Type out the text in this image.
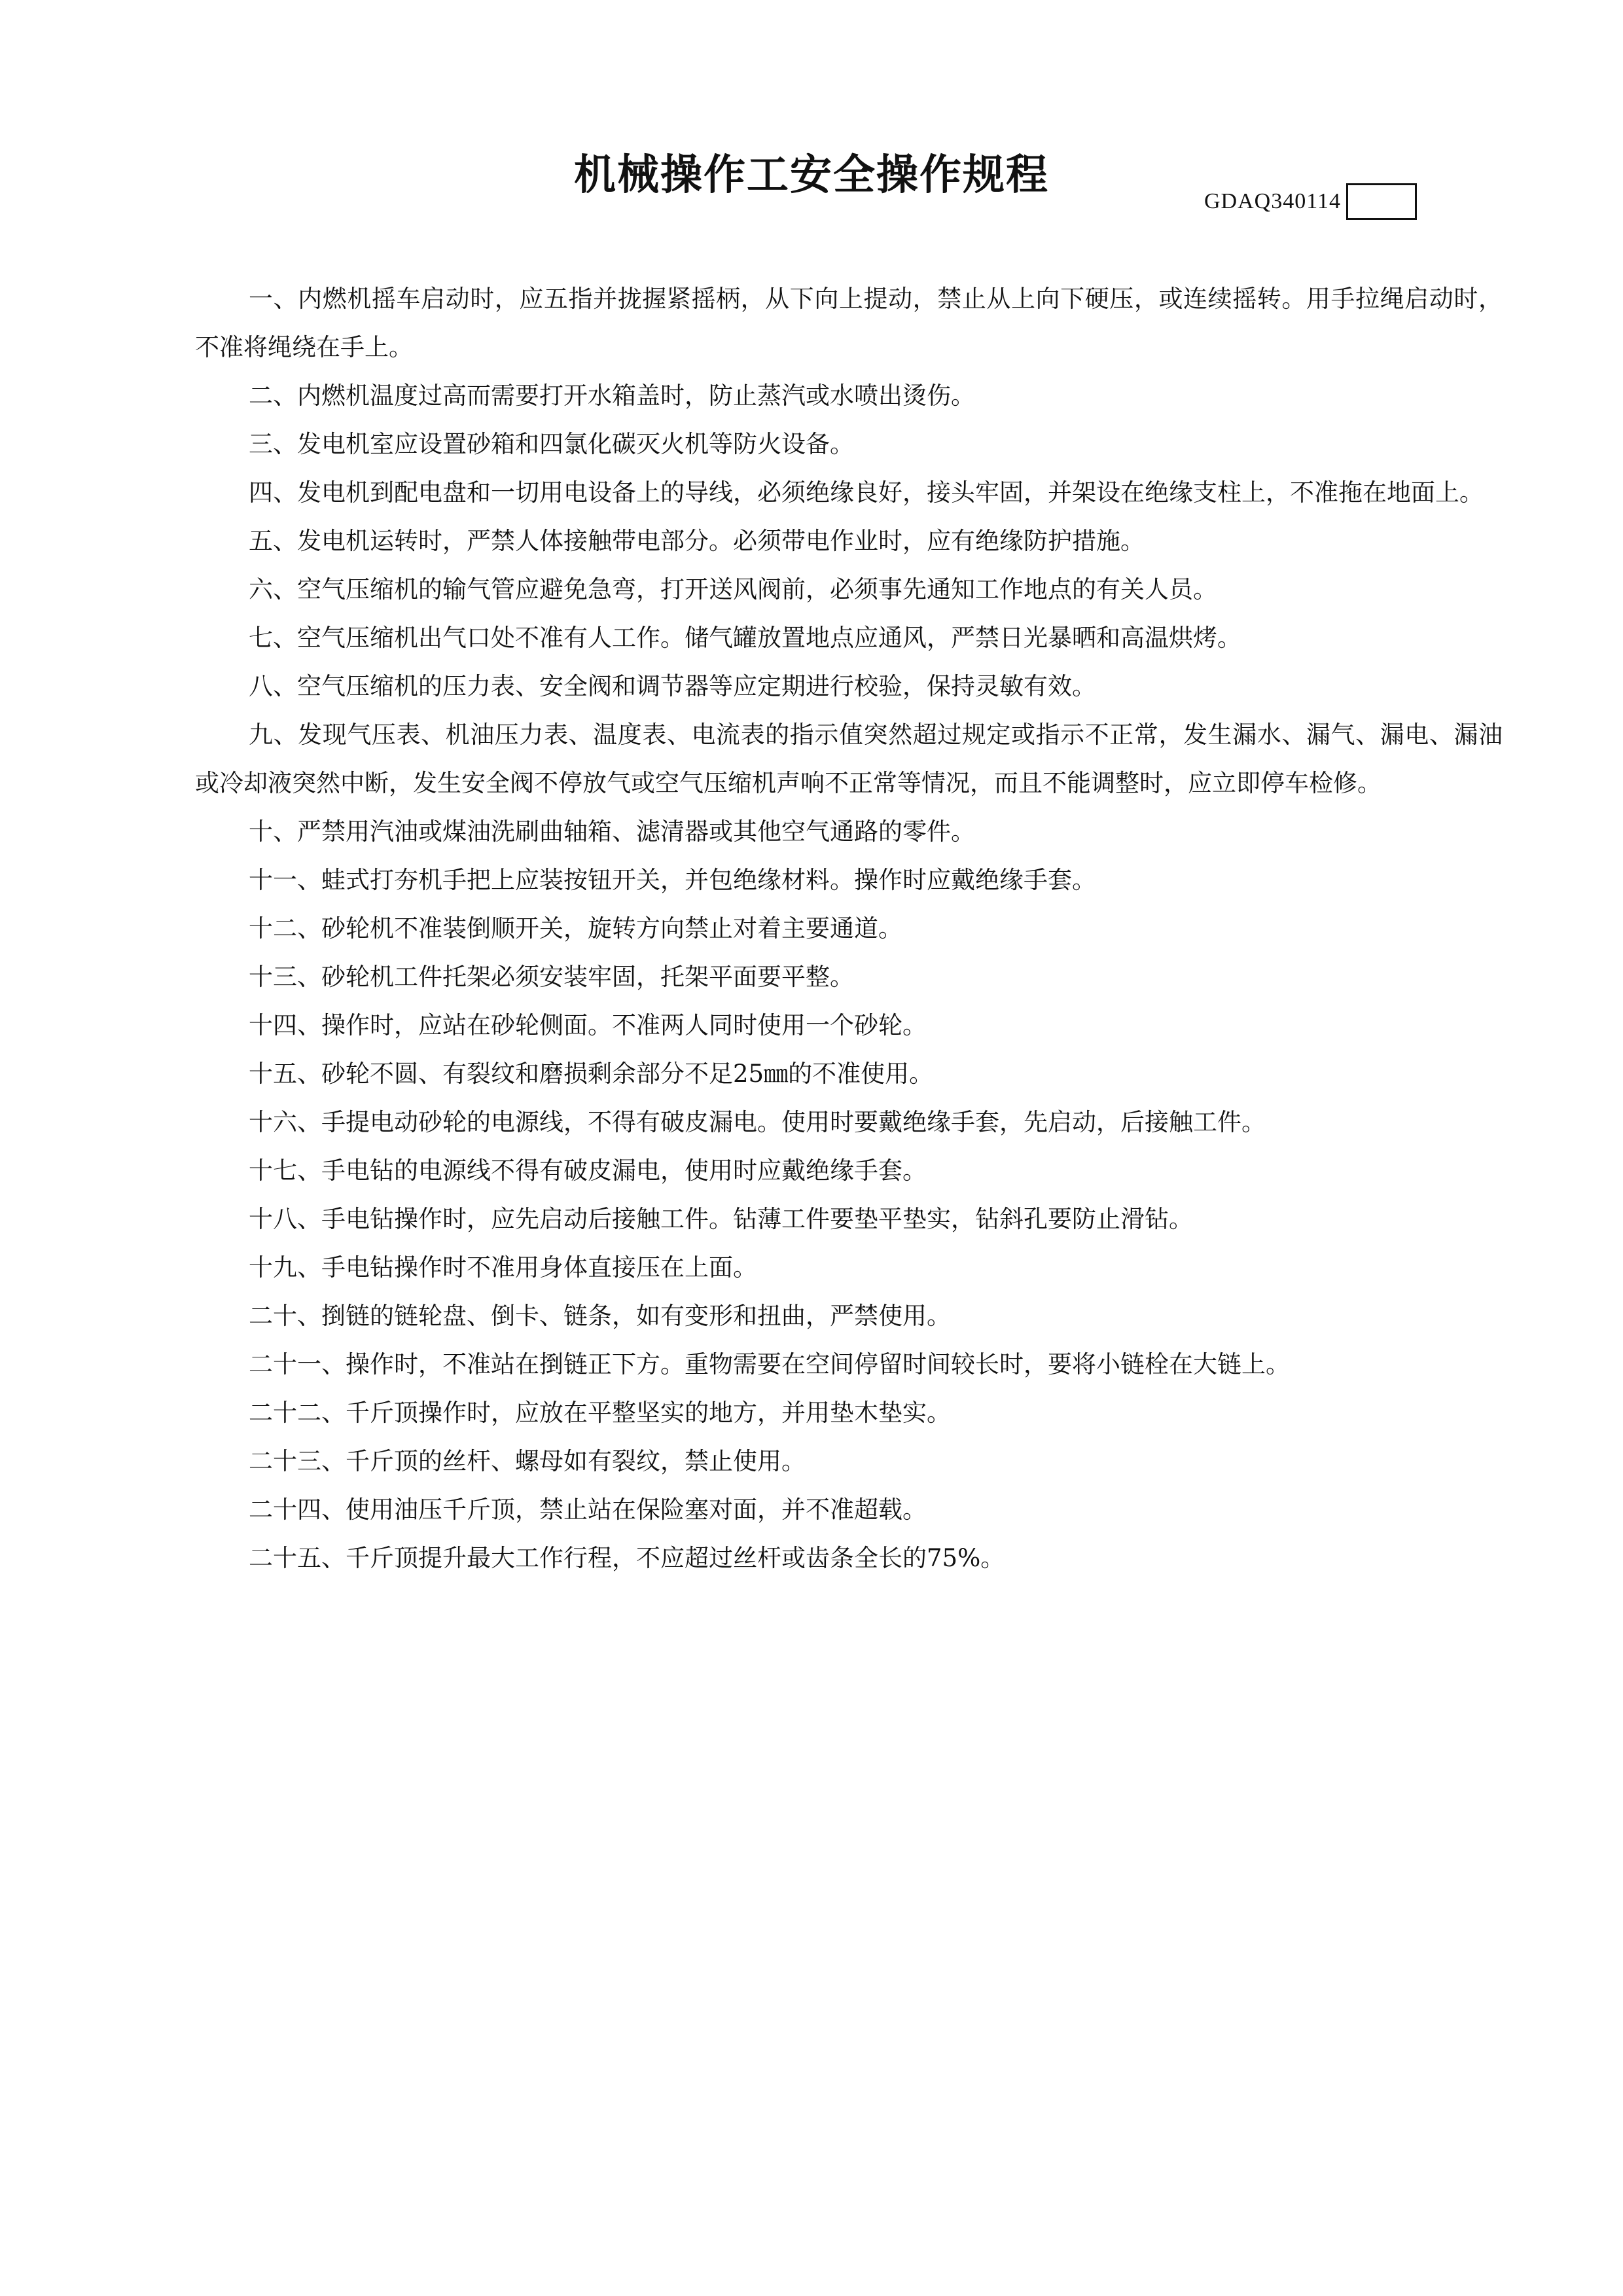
机械操作工安全操作规程
GDAQ340114

一、内燃机摇车启动时，应五指并拢握紧摇柄，从下向上提动，禁止从上向下硬压，或连续摇转。用手拉绳启动时，不准将绳绕在手上。

二、内燃机温度过高而需要打开水箱盖时，防止蒸汽或水喷出烫伤。

三、发电机室应设置砂箱和四氯化碳灭火机等防火设备。

四、发电机到配电盘和一切用电设备上的导线，必须绝缘良好，接头牢固，并架设在绝缘支柱上，不准拖在地面上。

五、发电机运转时，严禁人体接触带电部分。必须带电作业时，应有绝缘防护措施。

六、空气压缩机的输气管应避免急弯，打开送风阀前，必须事先通知工作地点的有关人员。

七、空气压缩机出气口处不准有人工作。储气罐放置地点应通风，严禁日光暴晒和高温烘烤。

八、空气压缩机的压力表、安全阀和调节器等应定期进行校验，保持灵敏有效。

九、发现气压表、机油压力表、温度表、电流表的指示值突然超过规定或指示不正常，发生漏水、漏气、漏电、漏油或冷却液突然中断，发生安全阀不停放气或空气压缩机声响不正常等情况，而且不能调整时，应立即停车检修。

十、严禁用汽油或煤油洗刷曲轴箱、滤清器或其他空气通路的零件。

十一、蛙式打夯机手把上应装按钮开关，并包绝缘材料。操作时应戴绝缘手套。

十二、砂轮机不准装倒顺开关，旋转方向禁止对着主要通道。

十三、砂轮机工件托架必须安装牢固，托架平面要平整。

十四、操作时，应站在砂轮侧面。不准两人同时使用一个砂轮。

十五、砂轮不圆、有裂纹和磨损剩余部分不足25㎜的不准使用。

十六、手提电动砂轮的电源线，不得有破皮漏电。使用时要戴绝缘手套，先启动，后接触工件。

十七、手电钻的电源线不得有破皮漏电，使用时应戴绝缘手套。

十八、手电钻操作时，应先启动后接触工件。钻薄工件要垫平垫实，钻斜孔要防止滑钻。

十九、手电钻操作时不准用身体直接压在上面。

二十、捯链的链轮盘、倒卡、链条，如有变形和扭曲，严禁使用。

二十一、操作时，不准站在捯链正下方。重物需要在空间停留时间较长时，要将小链栓在大链上。

二十二、千斤顶操作时，应放在平整坚实的地方，并用垫木垫实。

二十三、千斤顶的丝杆、螺母如有裂纹，禁止使用。

二十四、使用油压千斤顶，禁止站在保险塞对面，并不准超载。

二十五、千斤顶提升最大工作行程，不应超过丝杆或齿条全长的75%。
